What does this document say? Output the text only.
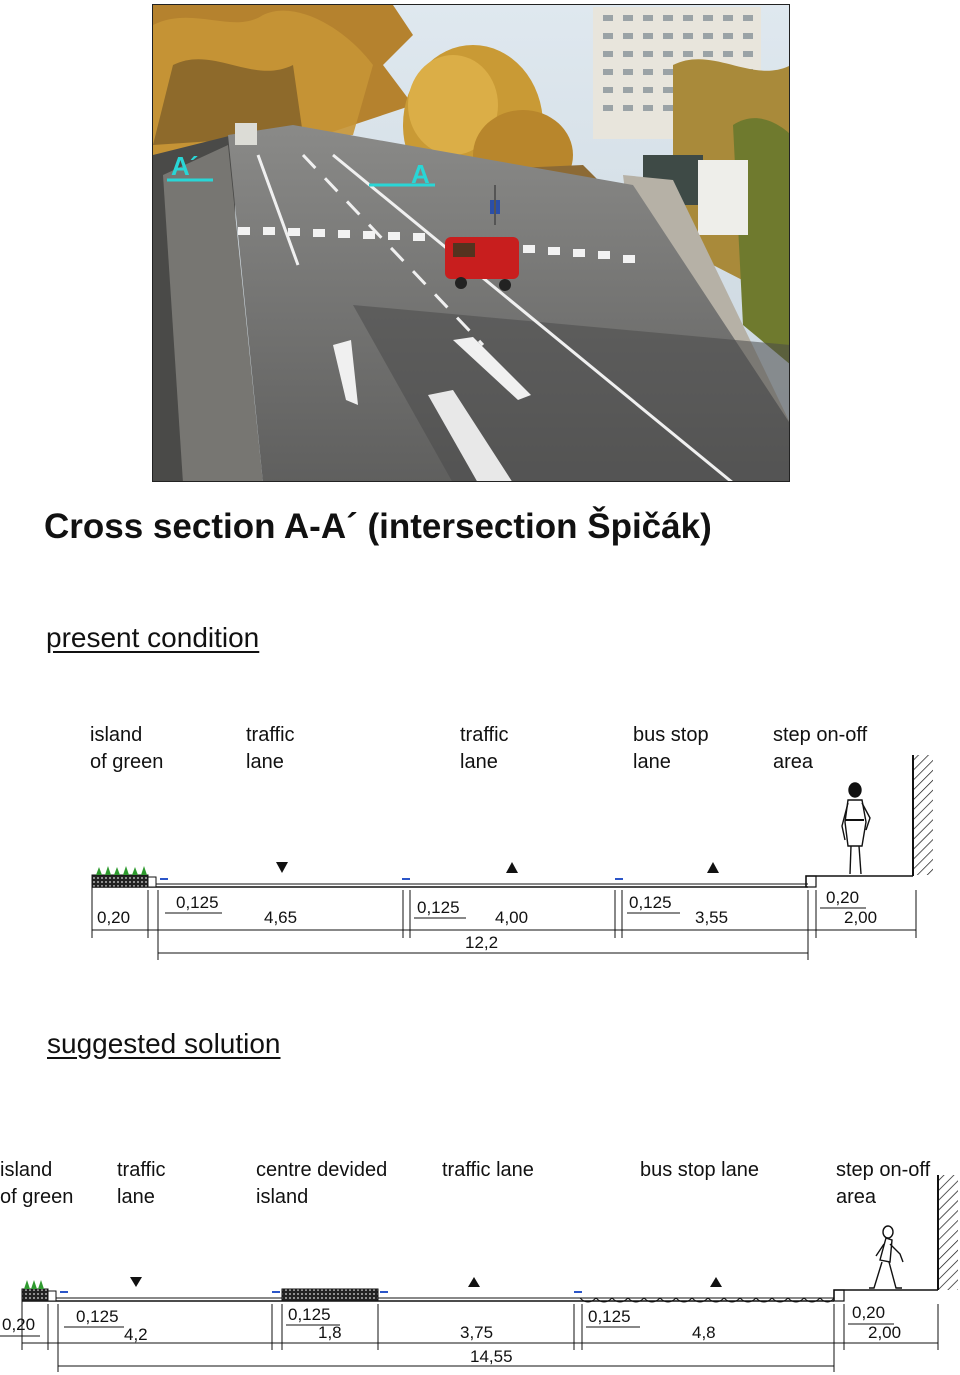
A´	A
Cross section A-A´ (intersection Špičák)
present condition
island
of green
traffic
lane
traffic
lane
bus stop
lane
step on-off
area
suggested solution
island
of green
traffic
lane
centre devided
island
traffic lane	bus stop lane	step on-off
area
0,20
0,125
4,65
0,125
4,00
0,125
3,55
0,20
2,00
12,2
0,20 0,125
4,2
0,125
1,8	3,75
0,125
4,8
0,20
2,00
14,55
